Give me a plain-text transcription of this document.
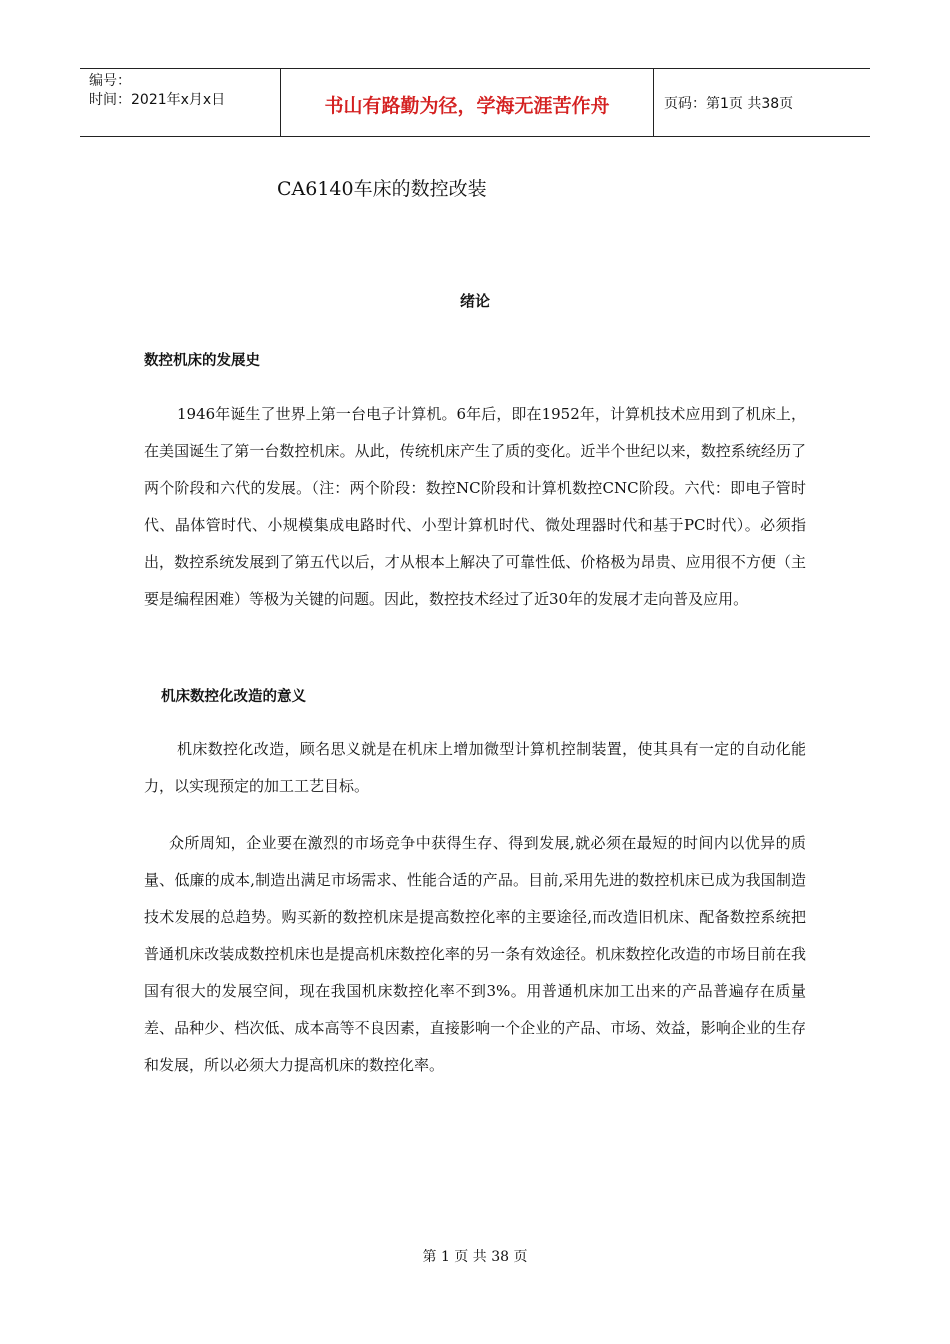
编号：
时间：2021年x月x日	书山有路勤为径，学海无涯苦作舟	页码：第1页 共38页
CA6140车床的数控改装
绪论
数控机床的发展史

1946年诞生了世界上第一台电子计算机。6年后，即在1952年，计算机技术应用到了机床上，在美国诞生了第一台数控机床。从此，传统机床产生了质的变化。近半个世纪以来，数控系统经历了两个阶段和六代的发展。（注：两个阶段：数控NC阶段和计算机数控CNC阶段。六代：即电子管时代、晶体管时代、小规模集成电路时代、小型计算机时代、微处理器时代和基于PC时代）。必须指出，数控系统发展到了第五代以后，才从根本上解决了可靠性低、价格极为昂贵、应用很不方便（主要是编程困难）等极为关键的问题。因此，数控技术经过了近30年的发展才走向普及应用。

机床数控化改造的意义

机床数控化改造，顾名思义就是在机床上增加微型计算机控制装置，使其具有一定的自动化能力，以实现预定的加工工艺目标。

众所周知，企业要在激烈的市场竞争中获得生存、得到发展,就必须在最短的时间内以优异的质量、低廉的成本,制造出满足市场需求、性能合适的产品。目前,采用先进的数控机床已成为我国制造技术发展的总趋势。购买新的数控机床是提高数控化率的主要途径,而改造旧机床、配备数控系统把普通机床改装成数控机床也是提高机床数控化率的另一条有效途径。机床数控化改造的市场目前在我国有很大的发展空间，现在我国机床数控化率不到3%。用普通机床加工出来的产品普遍存在质量差、品种少、档次低、成本高等不良因素，直接影响一个企业的产品、市场、效益，影响企业的生存和发展，所以必须大力提高机床的数控化率。

第 1 页 共 38 页
